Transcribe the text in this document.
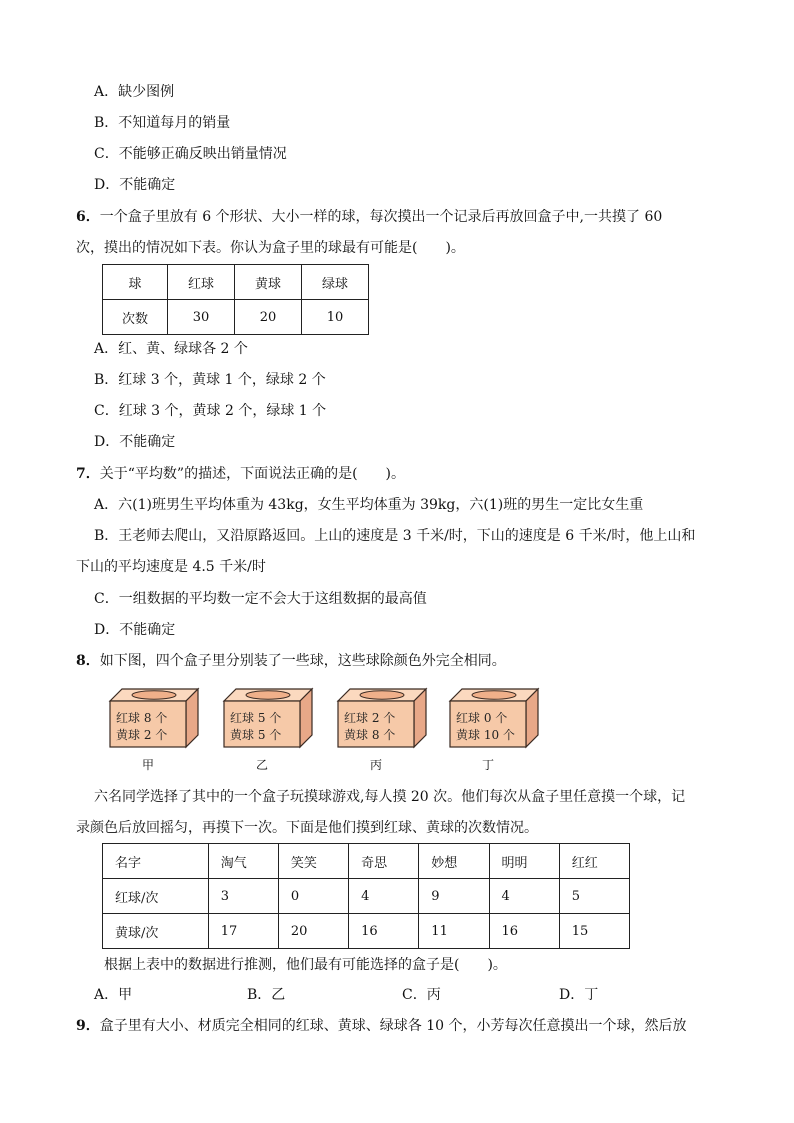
A．缺少图例
B．不知道每月的销量
C．不能够正确反映出销量情况
D．不能确定
6．一个盒子里放有 6 个形状、大小一样的球，每次摸出一个记录后再放回盒子中,一共摸了 60
次，摸出的情况如下表。你认为盒子里的球最有可能是(　　)。
球	红球	黄球	绿球
次数	30	20	10
A．红、黄、绿球各 2 个
B．红球 3 个，黄球 1 个，绿球 2 个
C．红球 3 个，黄球 2 个，绿球 1 个
D．不能确定
7．关于“平均数”的描述，下面说法正确的是(　　)。
A．六(1)班男生平均体重为 43kg，女生平均体重为 39kg，六(1)班的男生一定比女生重
B．王老师去爬山，又沿原路返回。上山的速度是 3 千米/时，下山的速度是 6 千米/时，他上山和
下山的平均速度是 4.5 千米/时
C．一组数据的平均数一定不会大于这组数据的最高值
D．不能确定
8．如下图，四个盒子里分别装了一些球，这些球除颜色外完全相同。
红球 8 个
黄球 2 个
甲
红球 5 个
黄球 5 个
乙
红球 2 个
黄球 8 个
丙
红球 0 个
黄球 10 个
丁
六名同学选择了其中的一个盒子玩摸球游戏,每人摸 20 次。他们每次从盒子里任意摸一个球，记
录颜色后放回摇匀，再摸下一次。下面是他们摸到红球、黄球的次数情况。
名字	淘气	笑笑	奇思	妙想	明明	红红
红球/次	3	0	4	9	4	5
黄球/次	17	20	16	11	16	15
根据上表中的数据进行推测，他们最有可能选择的盒子是(　　)。
A．甲	B．乙	C．丙	D．丁
9．盒子里有大小、材质完全相同的红球、黄球、绿球各 10 个，小芳每次任意摸出一个球，然后放
